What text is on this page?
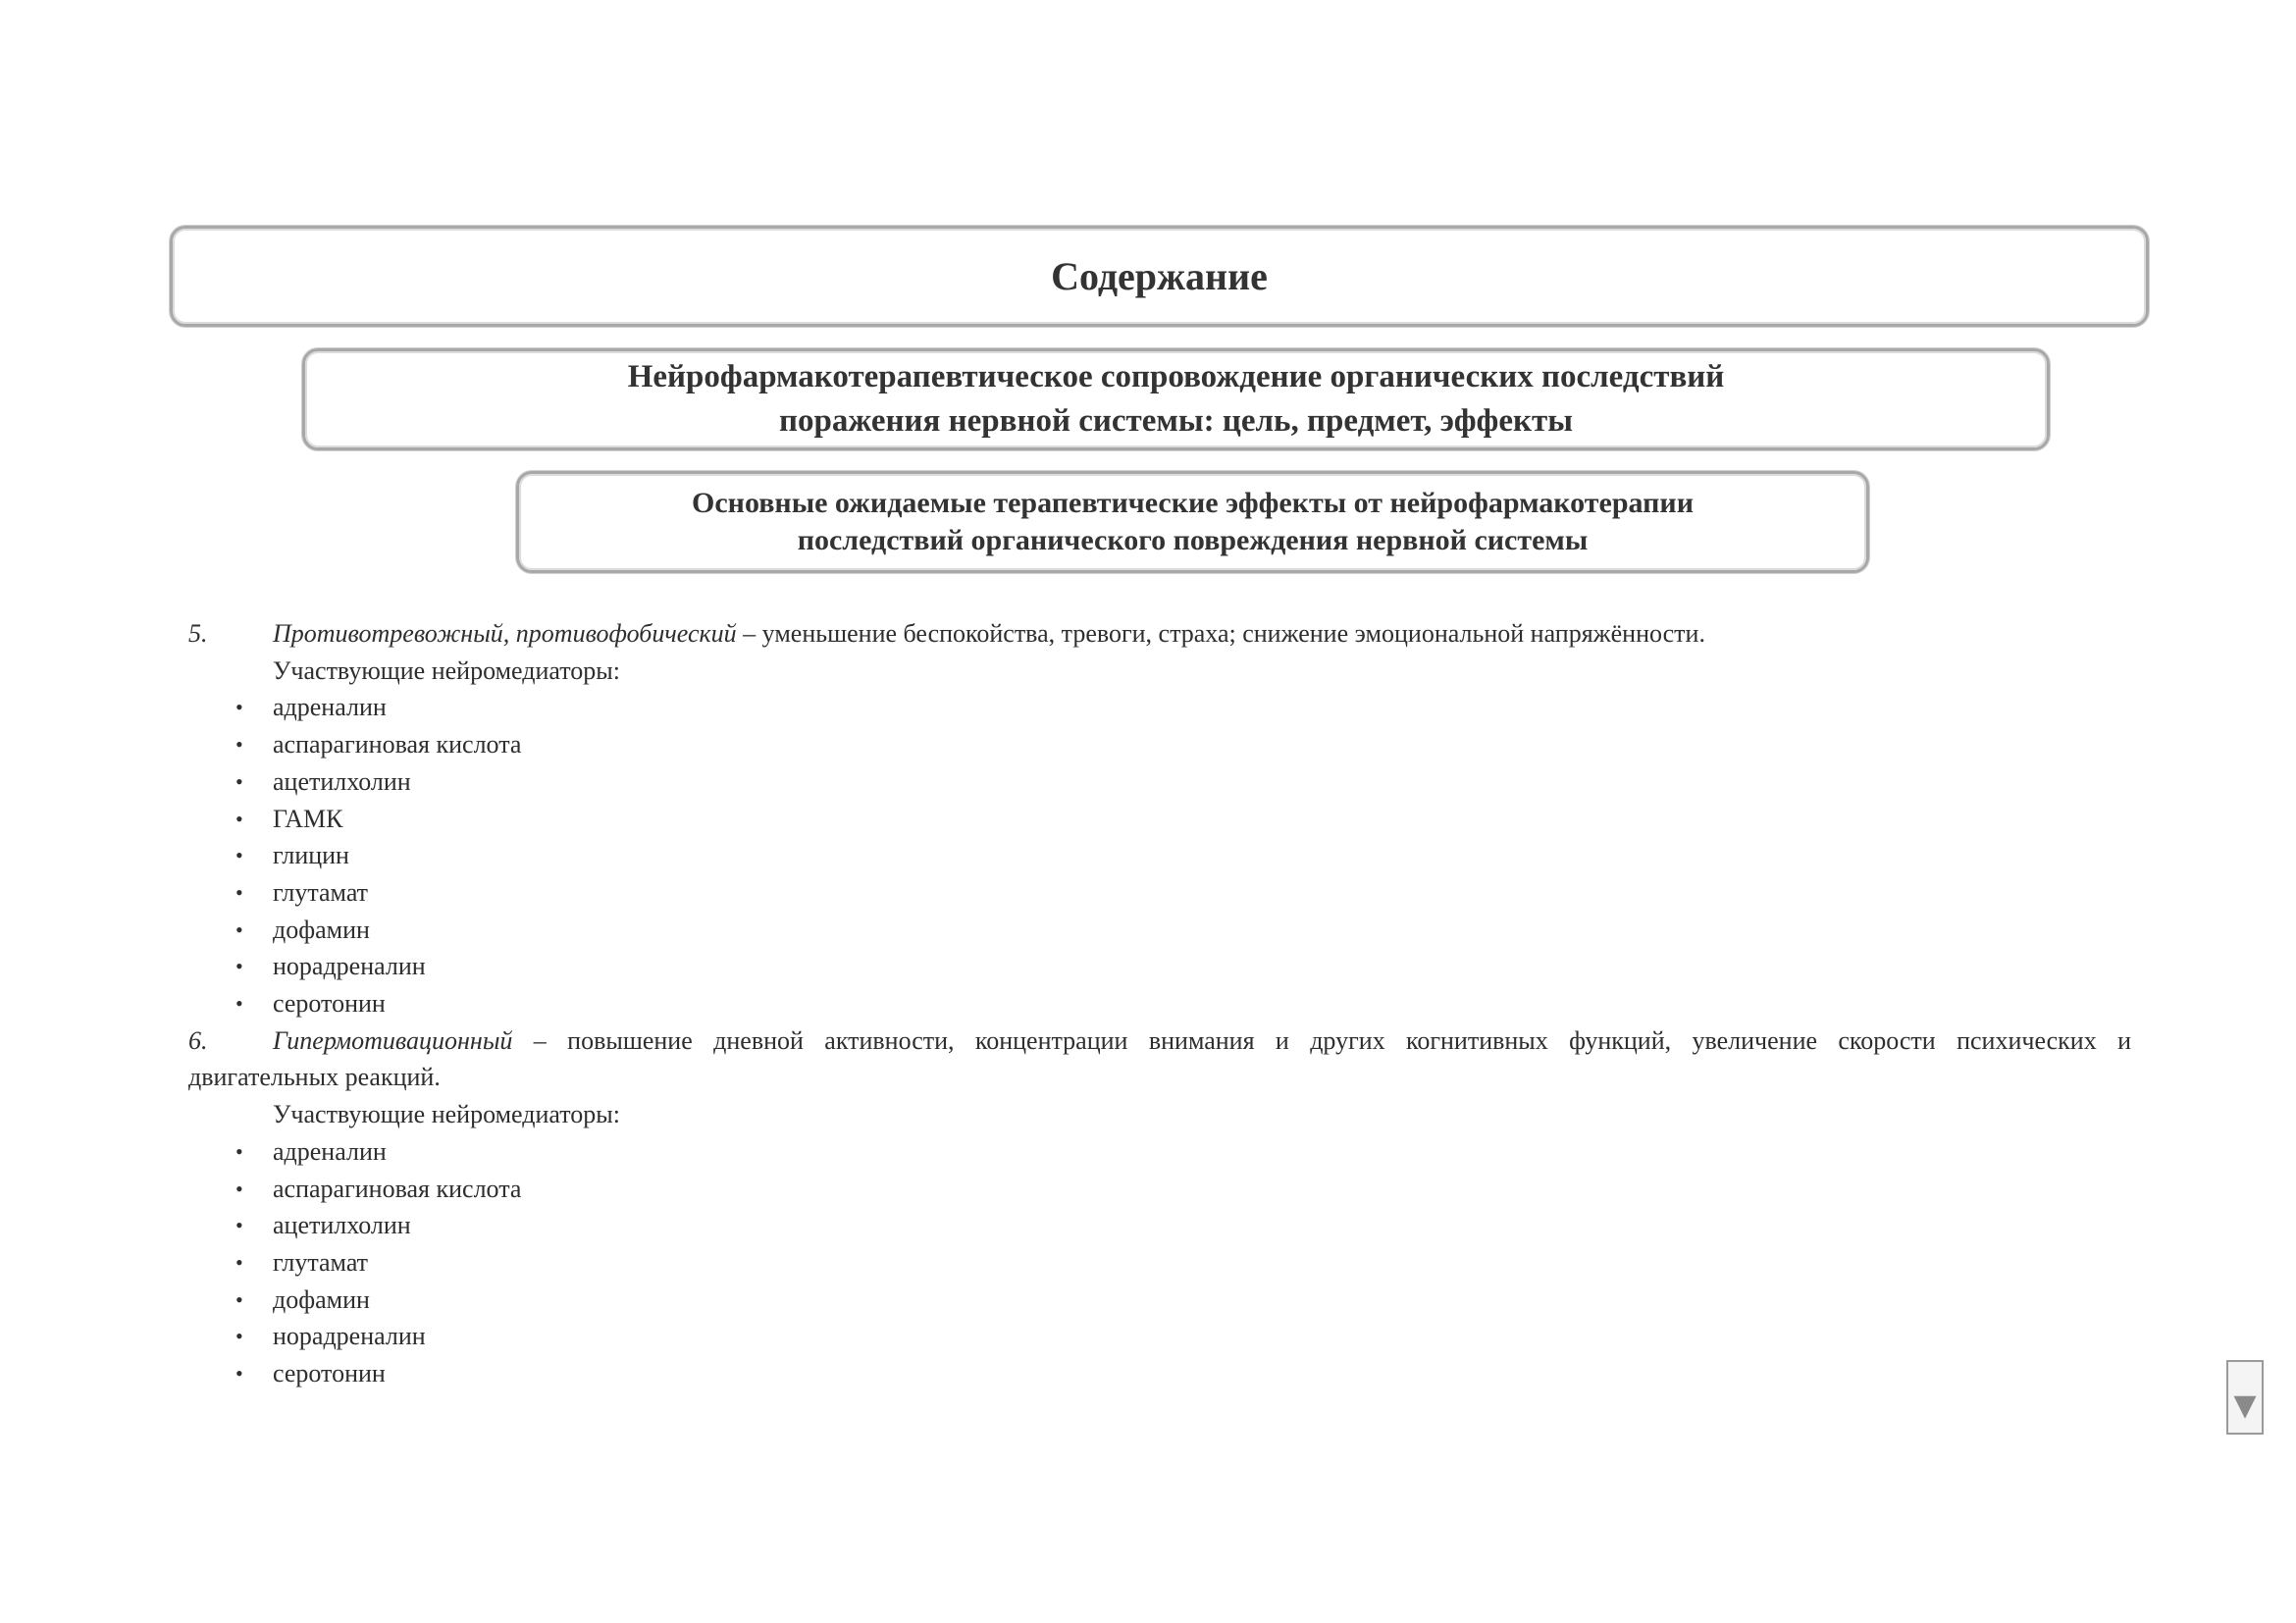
Содержание
Нейрофармакотерапевтическое сопровождение органических последствий
поражения нервной системы: цель, предмет, эффекты
Основные ожидаемые терапевтические эффекты от нейрофармакотерапии
последствий органического повреждения нервной системы
5.	Противотревожный, противофобический – уменьшение беспокойства, тревоги, страха; снижение эмоциональной напряжённости.
Участвующие нейромедиаторы:
• адреналин
• аспарагиновая кислота
• ацетилхолин
• ГАМК
• глицин
• глутамат
• дофамин
• норадреналин
• серотонин
6.	Гипермотивационный – повышение дневной активности, концентрации внимания и других когнитивных функций, увеличение скорости психических и
двигательных реакций.
Участвующие нейромедиаторы:
• адреналин
• аспарагиновая кислота
• ацетилхолин
• глутамат
• дофамин
• норадреналин
• серотонин
▼
